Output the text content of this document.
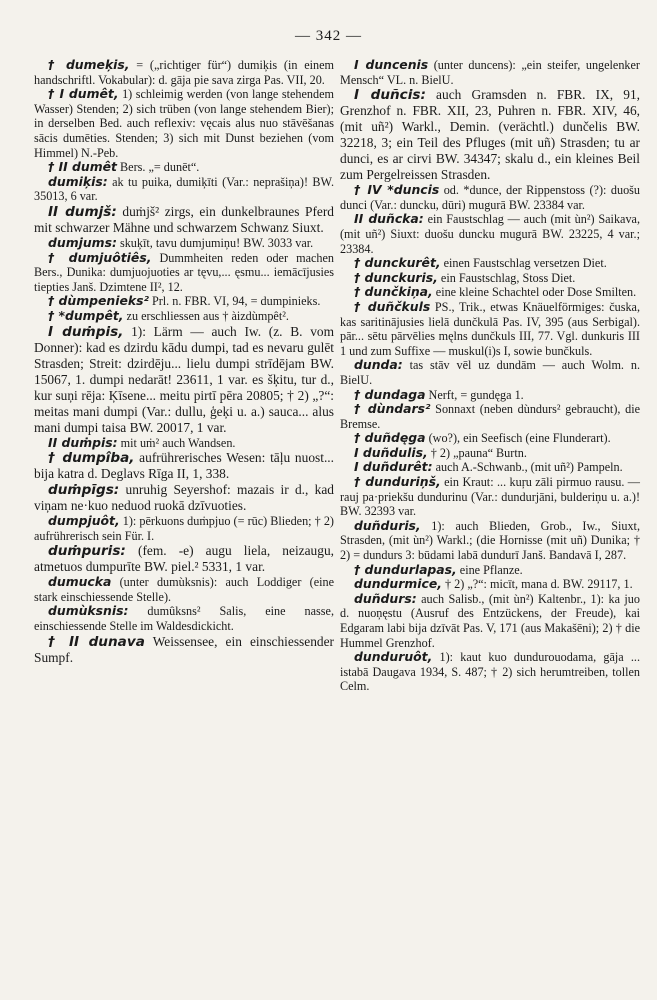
— 342 —

† dumeķis, = („richtiger für“) dumiķis (in einem handschriftl. Vokabular): d. gāja pie sava zirga Pas. VII, 20.

† I dumêt, 1) schleimig werden (von lange stehendem Wasser) Stenden; 2) sich trüben (von lange stehendem Bier); in derselben Bed. auch reflexiv: vęcais alus nuo stāvēšanas sācis dumēties. Stenden; 3) sich mit Dunst beziehen (vom Himmel) N.-Peb.

† II dumêt Bers. „= dunēt“.

dumiķis: ak tu puika, dumiķīti (Var.: neprašiņa)! BW. 35013, 6 var.

II dumjš: duṁjš² zirgs, ein dunkelbraunes Pferd mit schwarzer Mähne und schwarzem Schwanz Siuxt.

dumjums: skuķīt, tavu dumjumiņu! BW. 3033 var.

† dumjuôtiês, Dummheiten reden oder machen Bers., Dunika: dumjuojuoties ar tęvu,... ęsmu... iemācījusies tiepties Janš. Dzimtene II², 12.

† dùmpenieks² Prl. n. FBR. VI, 94, = dumpinieks.

† *dumpêt, zu erschliessen aus † àizdùmpêt².

I duṁpis, 1): Lärm — auch Iw. (z. B. vom Donner): kad es dzirdu kādu dumpi, tad es nevaru gulēt Strasden; Streit: dzirdēju... lielu dumpi strīdējam BW. 15067, 1. dumpi nedarāt! 23611, 1 var. es šķitu, tur d., kur suņi rēja: Ķīsene... meitu pirtī pēra 20805; † 2) „?“: meitas mani dumpi (Var.: dullu, ģeķi u. a.) sauca... alus mani dumpi taisa BW. 20017, 1 var.

II duṁpis: mit uṁ² auch Wandsen.

† dumpîba, aufrührerisches Wesen: tāļu nuost... bija katra d. Deglavs Rīga II, 1, 338.

duṁpīgs: unruhig Seyershof: mazais ir d., kad viņam ne·kuo neduod ruokā dzīvuoties.

dumpjuôt, 1): pērkuons duṁpjuo (= rūc) Blieden; † 2) aufrührerisch sein Für. I.

duṁpuris: (fem. -e) augu liela, neizaugu, atmetuos dumpurīte BW. piel.² 5331, 1 var.

dumucka (unter dumùksnis): auch Loddiger (eine stark einschiessende Stelle).

dumùksnis: dumûksns² Salis, eine nasse, einschiessende Stelle im Waldesdickicht.

† II dunava Weissensee, ein einschiessender Sumpf.

I duncenis (unter duncens): „ein steifer, ungelenker Mensch“ VL. n. BielU.

I duñcis: auch Gramsden n. FBR. IX, 91, Grenzhof n. FBR. XII, 23, Puhren n. FBR. XIV, 46, (mit uñ²) Warkl., Demin. (verächtl.) dunčelis BW. 32218, 3; ein Teil des Pfluges (mit uñ) Strasden; tu ar dunci, es ar cirvi BW. 34347; skalu d., ein kleines Beil zum Pergelreissen Strasden.

† IV *duncis od. *dunce, der Rippenstoss (?): duošu dunci (Var.: duncku, dūri) mugurā BW. 23384 var.

II duñcka: ein Faustschlag — auch (mit ùn²) Saikava, (mit uñ²) Siuxt: duošu duncku mugurā BW. 23225, 4 var.; 23384.

† dunckurêt, einen Faustschlag versetzen Diet.

† dunckuris, ein Faustschlag, Stoss Diet.

† dunčkiņa, eine kleine Schachtel oder Dose Smilten.

† duñčkuls PS., Trik., etwas Knäuelförmiges: čuska, kas saritinājusies lielā dunčkulā Pas. IV, 395 (aus Serbigal). pār... sētu pārvēlies męlns dunčkuls III, 77. Vgl. dunkuris III 1 und zum Suffixe — muskul(i)s I, sowie bunčkuls.

dunda: tas stāv vēl uz dundām — auch Wolm. n. BielU.

† dundaga Nerft, = gundęga 1.

† dùndars² Sonnaxt (neben dùndurs² gebraucht), die Bremse.

† duñdęga (wo?), ein Seefisch (eine Flunderart).

I duñdulis, † 2) „pauna“ Burtn.

I duñdurêt: auch A.-Schwanb., (mit uñ²) Pampeln.

† dunduriņš, ein Kraut: ... kuŗu zāli pirmuo rausu. — rauj pa·priekšu dundurinu (Var.: dundurjāni, bulderiņu u. a.)! BW. 32393 var.

duñduris, 1): auch Blieden, Grob., Iw., Siuxt, Strasden, (mit ùn²) Warkl.; (die Hornisse (mit uñ) Dunika; † 2) = dundurs 3: būdami labā dundurī Janš. Bandavā I, 287.

† dundurlapas, eine Pflanze.

dundurmice, † 2) „?“: micīt, mana d. BW. 29117, 1.

duñdurs: auch Salisb., (mit ùn²) Kaltenbr., 1): ka juo d. nuoņęstu (Ausruf des Entzückens, der Freude), kai Edgaram labi bija dzīvāt Pas. V, 171 (aus Makašēni); 2) † die Hummel Grenzhof.

dunduruôt, 1): kaut kuo dundurouodama, gāja ... istabā Daugava 1934, S. 487; † 2) sich herumtreiben, tollen Celm.
